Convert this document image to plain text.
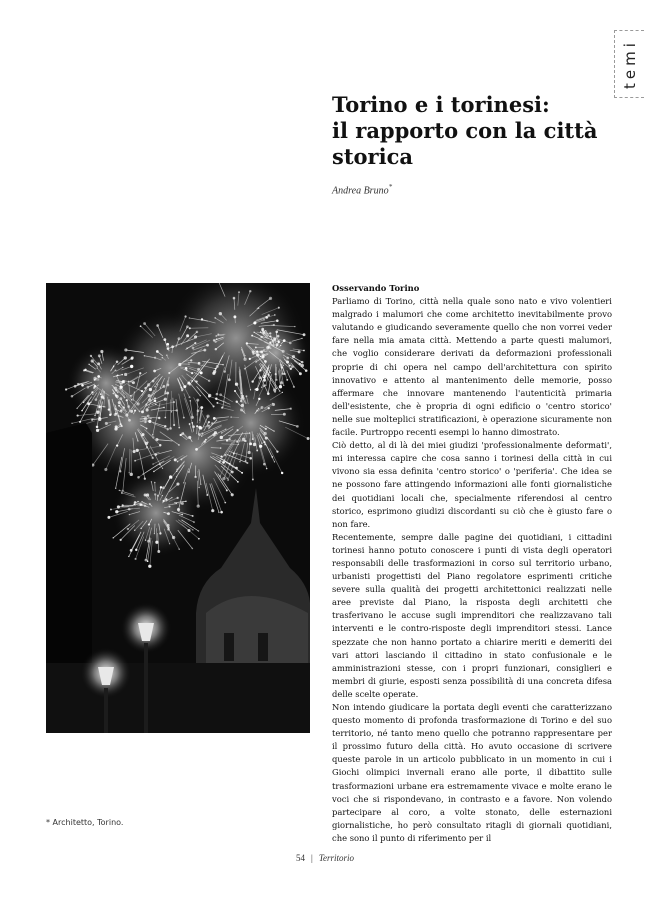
temi
Torino e i torinesi:
il rapporto con la città
storica
Andrea Bruno*
* Architetto, Torino.
Osservando Torino

Parliamo di Torino, città nella quale sono nato e vivo volentieri malgrado i malumori che come architetto inevitabilmente provo valutando e giudicando severamente quello che non vorrei veder fare nella mia amata città. Mettendo a parte questi malumori, che voglio considerare derivati da deformazioni professionali proprie di chi opera nel campo dell'architettura con spirito innovativo e attento al mantenimento delle memorie, posso affermare che innovare mantenendo l'autenticità primaria dell'esistente, che è propria di ogni edificio o 'centro storico' nelle sue molteplici stratificazioni, è operazione sicuramente non facile. Purtroppo recenti esempi lo hanno dimostrato.

Ciò detto, al di là dei miei giudizi 'professionalmente deformati', mi interessa capire che cosa sanno i torinesi della città in cui vivono sia essa definita 'centro storico' o 'periferia'. Che idea se ne possono fare attingendo informazioni alle fonti giornalistiche dei quotidiani locali che, specialmente riferendosi al centro storico, esprimono giudizi discordanti su ciò che è giusto fare o non fare.

Recentemente, sempre dalle pagine dei quotidiani, i cittadini torinesi hanno potuto conoscere i punti di vista degli operatori responsabili delle trasformazioni in corso sul territorio urbano, urbanisti progettisti del Piano regolatore esprimenti critiche severe sulla qualità dei progetti architettonici realizzati nelle aree previste dal Piano, la risposta degli architetti che trasferivano le accuse sugli imprenditori che realizzavano tali interventi e le contro-risposte degli imprenditori stessi. Lance spezzate che non hanno portato a chiarire meriti e demeriti dei vari attori lasciando il cittadino in stato confusionale e le amministrazioni stesse, con i propri funzionari, consiglieri e membri di giurie, esposti senza possibilità di una concreta difesa delle scelte operate.

Non intendo giudicare la portata degli eventi che caratterizzano questo momento di profonda trasformazione di Torino e del suo territorio, né tanto meno quello che potranno rappresentare per il prossimo futuro della città. Ho avuto occasione di scrivere queste parole in un articolo pubblicato in un momento in cui i Giochi olimpici invernali erano alle porte, il dibattito sulle trasformazioni urbane era estremamente vivace e molte erano le voci che si rispondevano, in contrasto e a favore. Non volendo partecipare al coro, a volte stonato, delle esternazioni giornalistiche, ho però consultato ritagli di giornali quotidiani, che sono il punto di riferimento per il

54 | Territorio
